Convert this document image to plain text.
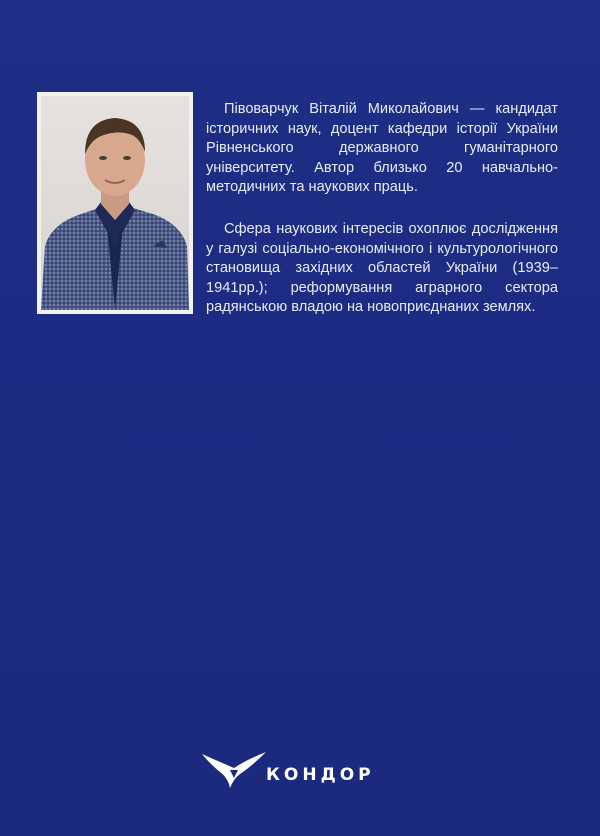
Півоварчук Віталій Миколайович — кандидат історичних наук, доцент кафедри історії України Рівненського державного гуманітарного університету. Автор близько 20 навчально-методичних та наукових праць.

Сфера наукових інтересів охоплює дослідження у галузі соціально-економічного і культурологічного становища західних областей України (1939–1941рр.); реформування аграрного сектора радянською владою на новоприєднаних землях.

КОНДОР
